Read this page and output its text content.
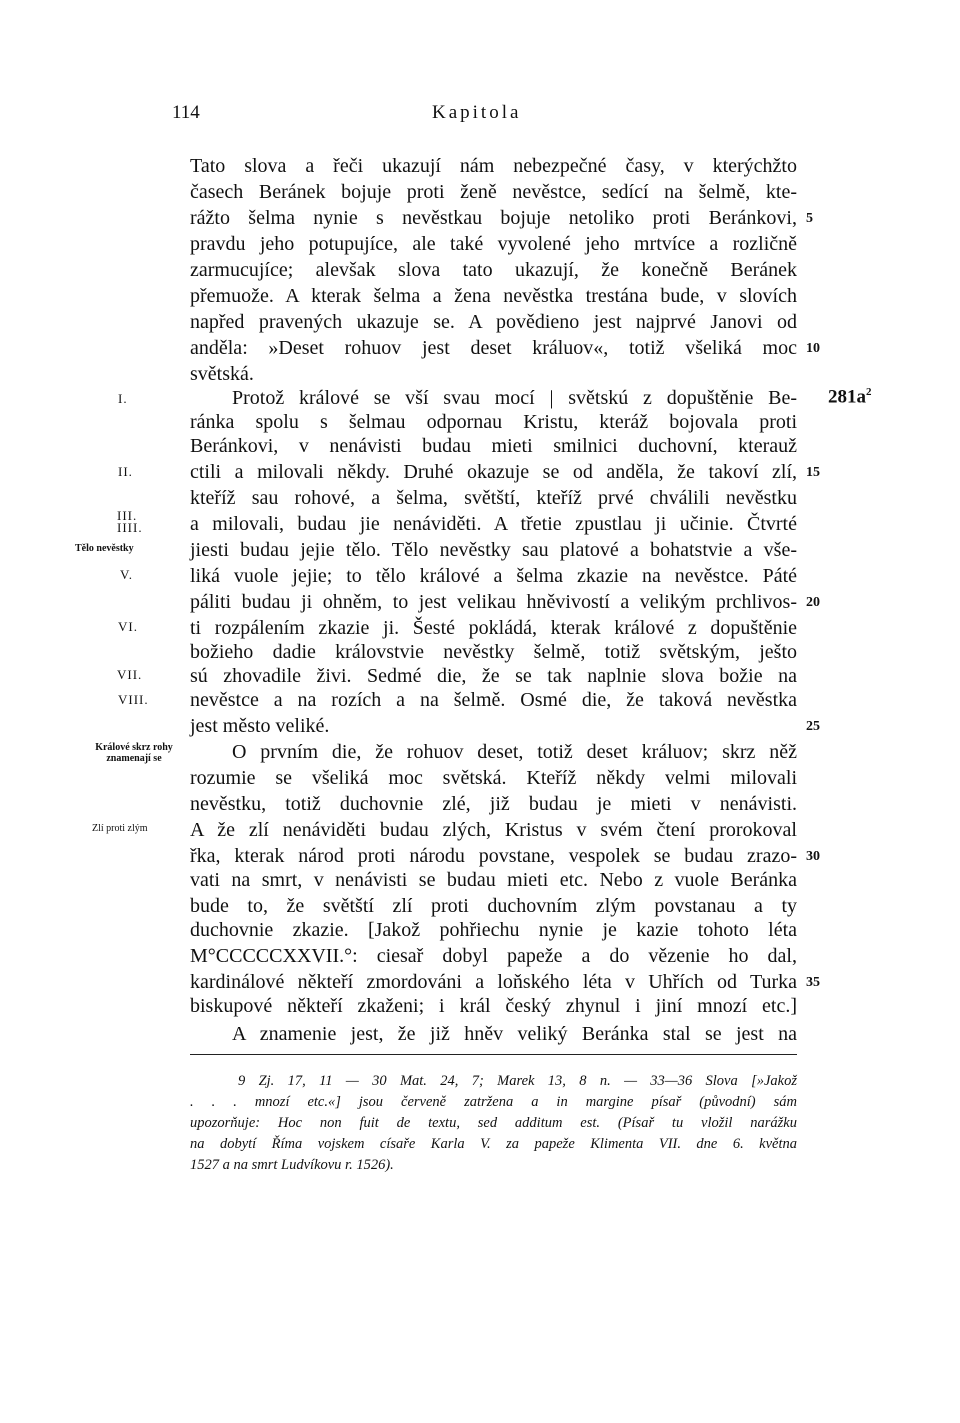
114	Kapitola
$281a^2$
Tato slova a řeči ukazují nám nebezpečné časy, v kterýchžto
časech Beránek bojuje proti ženě nevěstce, sedící na šelmě, kte-
rážto šelma nynie s nevěstkau bojuje netoliko proti Beránkovi,
pravdu jeho potupujíce, ale také vyvolené jeho mrtvíce a rozličně
zarmucujíce; alevšak slova tato ukazují, že konečně Beránek
přemuože. A kterak šelma a žena nevěstka trestána bude, v slovích
napřed pravených ukazuje se. A povědieno jest najprvé Janovi od
anděla: »Deset rohuov jest deset králuov«, totiž všeliká moc
světská.
Protož králové se vší svau mocí | světskú z dopuštěnie Be-
ránka spolu s šelmau odpornau Kristu, kteráž bojovala proti
Beránkovi, v nenávisti budau mieti smilnici duchovní, kterauž
ctili a milovali někdy. Druhé okazuje se od anděla, že takoví zlí,
kteříž sau rohové, a šelma, světští, kteříž prvé chválili nevěstku
a milovali, budau jie nenáviděti. A třetie zpustlau ji učinie. Čtvrté
jiesti budau jejie tělo. Tělo nevěstky sau platové a bohatstvie a vše-
liká vuole jejie; to tělo králové a šelma zkazie na nevěstce. Páté
páliti budau ji ohněm, to jest velikau hněvivostí a velikým prchlivos-
ti rozpálením zkazie ji. Šesté pokládá, kterak králové z dopuštěnie
božieho dadie královstvie nevěstky šelmě, totiž světským, ješto
sú zhovadile živi. Sedmé die, že se tak naplnie slova božie na
nevěstce a na rozích a na šelmě. Osmé die, že taková nevěstka
jest město veliké.
O prvním die, že rohuov deset, totiž deset králuov; skrz něž
rozumie se všeliká moc světská. Kteříž někdy velmi milovali
nevěstku, totiž duchovnie zlé, již budau je mieti v nenávisti.
A že zlí nenáviděti budau zlých, Kristus v svém čtení prorokoval
řka, kterak národ proti národu povstane, vespolek se budau zrazo-
vati na smrt, v nenávisti se budau mieti etc. Nebo z vuole Beránka
bude to, že světští zlí proti duchovním zlým povstanau a ty
duchovnie zkazie. [Jakož pohřiechu nynie je kazie tohoto léta
M°CCCCCXXVII.°: ciesař dobyl papeže a do vězenie ho dal,
kardinálové někteří zmordováni a loňského léta v Uhřích od Turka
biskupové někteří zkaženi; i král český zhynul i jiní mnozí etc.]
A znamenie jest, že již hněv veliký Beránka stal se jest na
5
10
15
20
25
30
35
I.
II.
III.
IIII.
Tělo nevěstky
V.
VI.
VII.
VIII.
Králové skrz rohy
znamenají se
Zlí proti zlým
9 Zj. 17, 11 — 30 Mat. 24, 7; Marek 13, 8 n. — 33—36 Slova [»Jakož
. . . mnozí etc.«] jsou červeně zatržena a in margine písař (původní) sám
upozorňuje: Hoc non fuit de textu, sed additum est. (Písař tu vložil narážku
na dobytí Říma vojskem císaře Karla V. za papeže Klimenta VII. dne 6. května
1527 a na smrt Ludvíkovu r. 1526).
